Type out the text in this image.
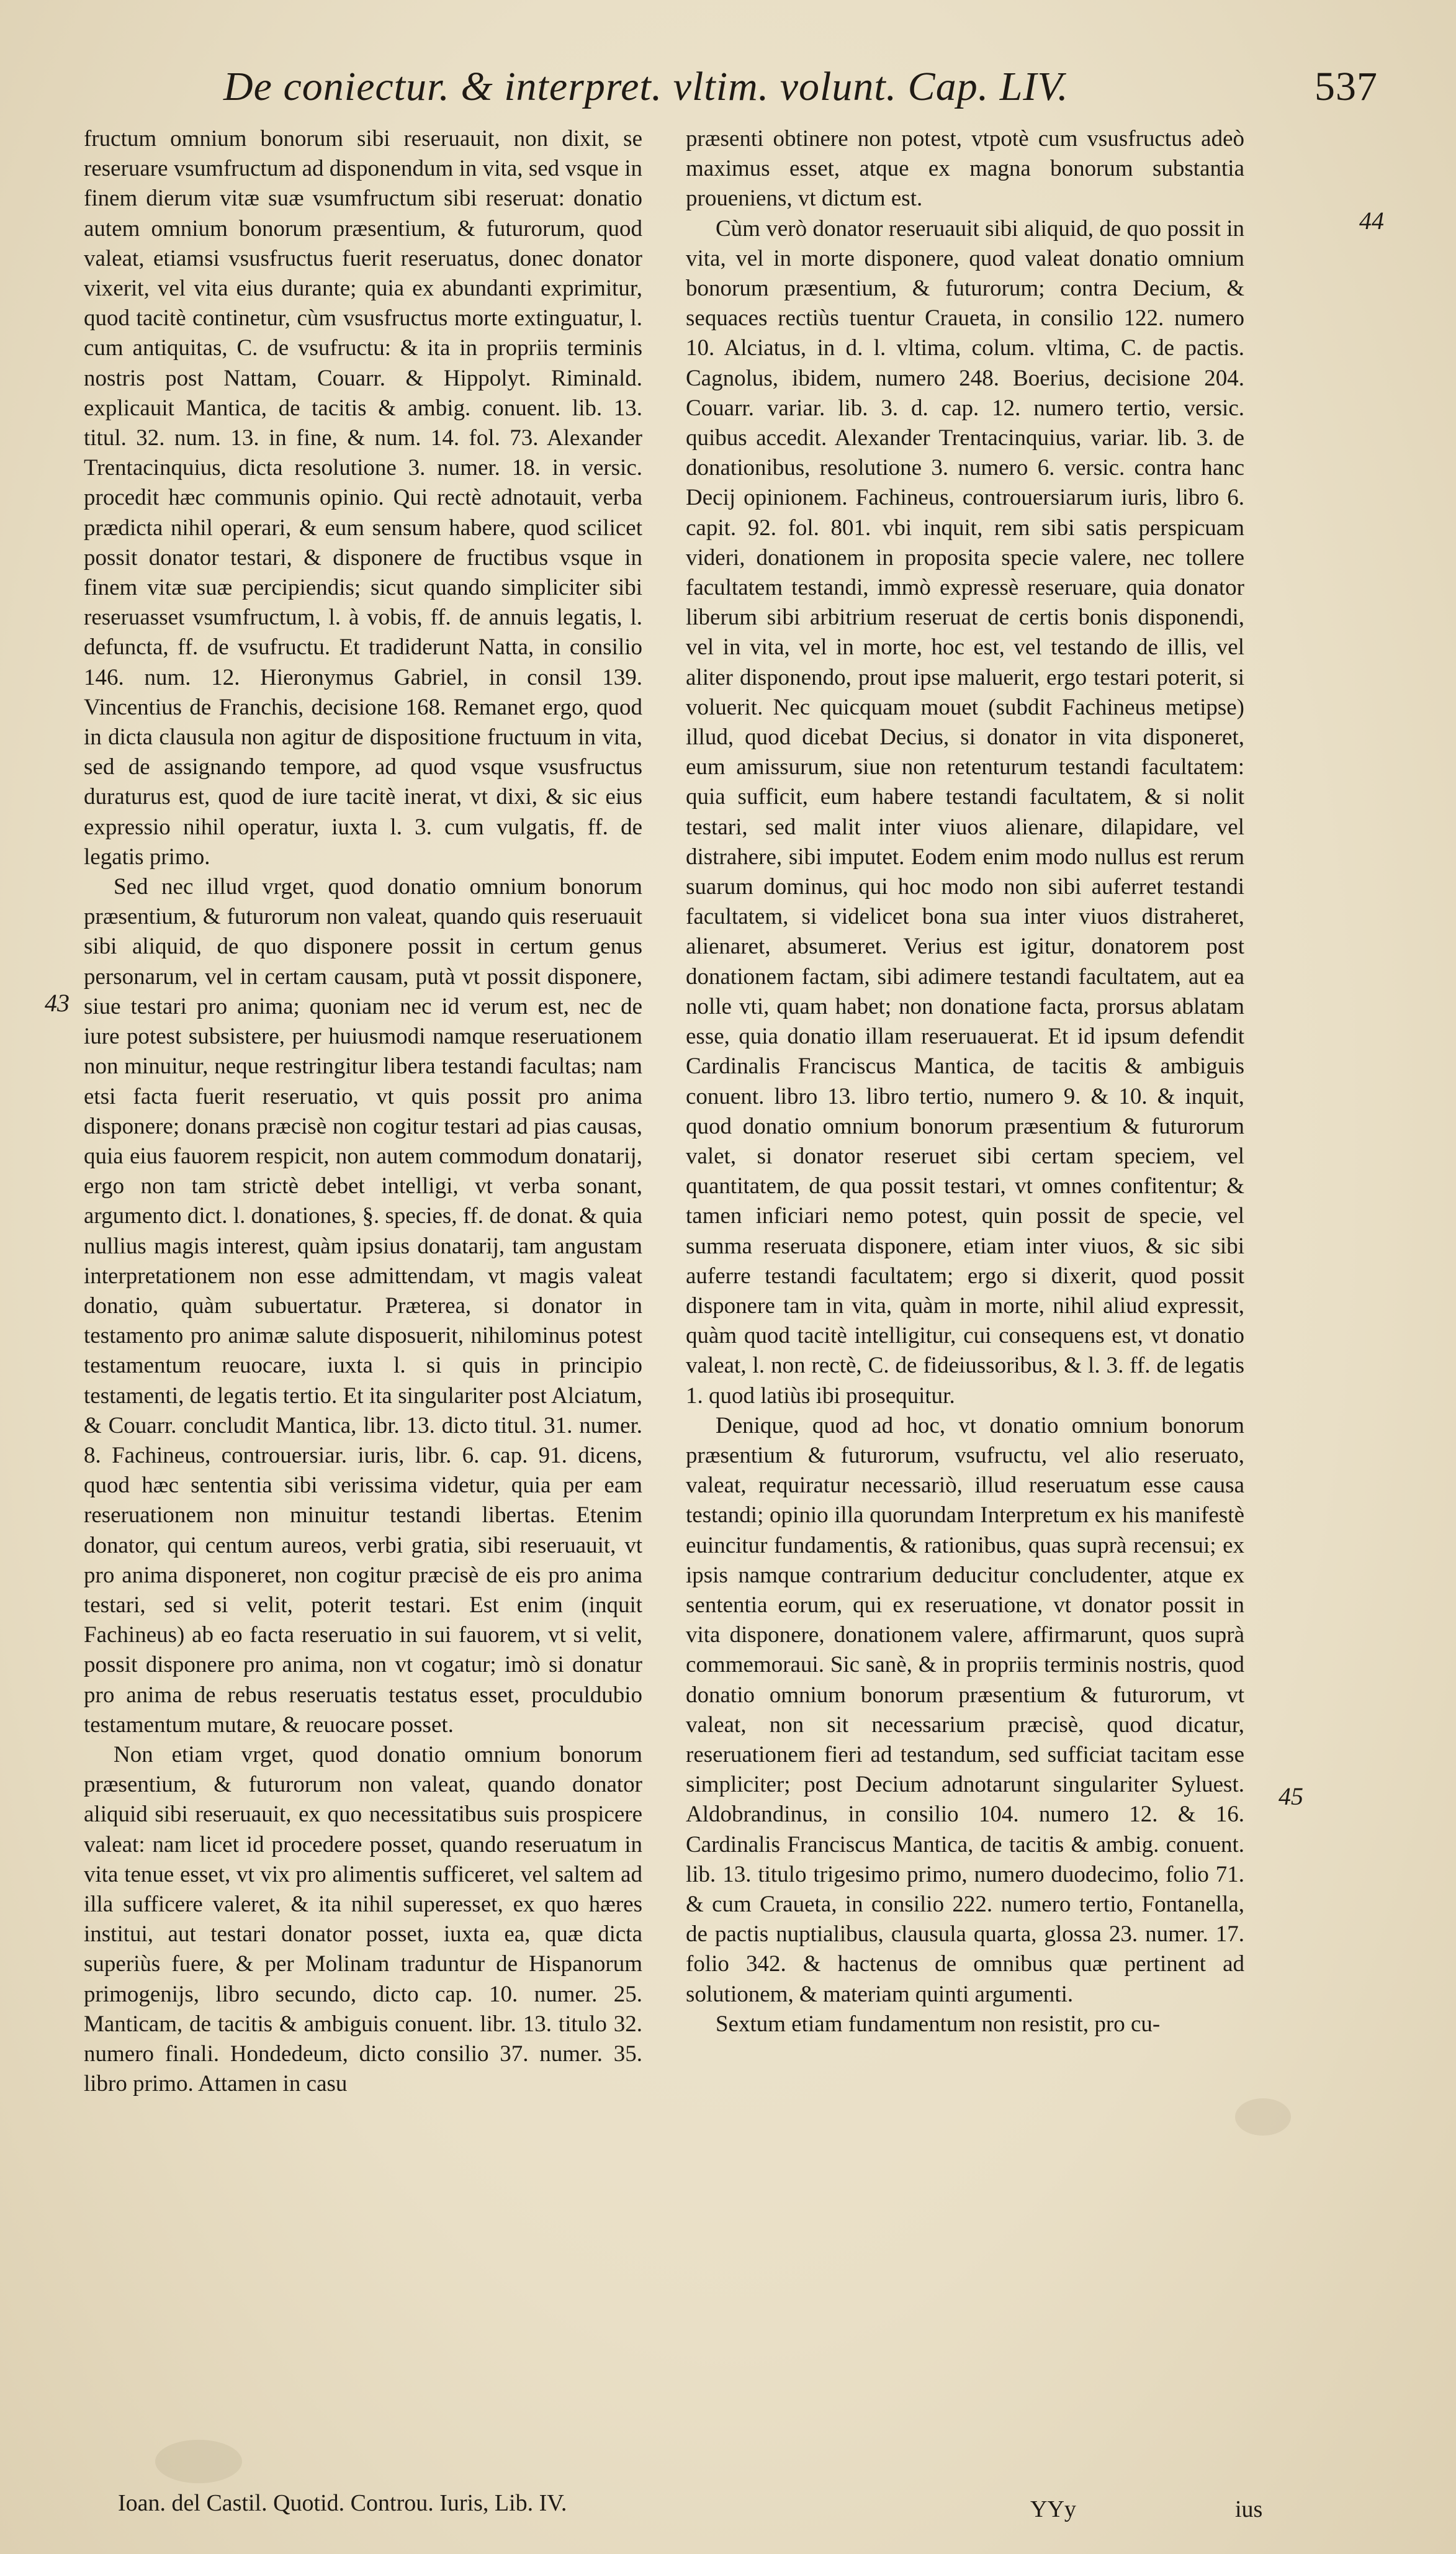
De coniectur. & interpret. vltim. volunt. Cap. LIV.	537

fructum omnium bonorum sibi reseruauit, non dixit, se reseruare vsumfructum ad disponendum in vita, sed vsque in finem dierum vitæ suæ vsumfructum sibi reseruat: donatio autem omnium bonorum præsentium, & futurorum, quod valeat, etiamsi vsusfructus fuerit reseruatus, donec donator vixerit, vel vita eius durante; quia ex abundanti exprimitur, quod tacitè continetur, cùm vsusfructus morte extinguatur, l. cum antiquitas, C. de vsufructu: & ita in propriis terminis nostris post Nattam, Couarr. & Hippolyt. Riminald. explicauit Mantica, de tacitis & ambig. conuent. lib. 13. titul. 32. num. 13. in fine, & num. 14. fol. 73. Alexander Trentacinquius, dicta resolutione 3. numer. 18. in versic. procedit hæc communis opinio. Qui rectè adnotauit, verba prædicta nihil operari, & eum sensum habere, quod scilicet possit donator testari, & disponere de fructibus vsque in finem vitæ suæ percipiendis; sicut quando simpliciter sibi reseruasset vsumfructum, l. à vobis, ff. de annuis legatis, l. defuncta, ff. de vsufructu. Et tradiderunt Natta, in consilio 146. num. 12. Hieronymus Gabriel, in consil 139. Vincentius de Franchis, decisione 168. Remanet ergo, quod in dicta clausula non agitur de dispositione fructuum in vita, sed de assignando tempore, ad quod vsque vsusfructus duraturus est, quod de iure tacitè inerat, vt dixi, & sic eius expressio nihil operatur, iuxta l. 3. cum vulgatis, ff. de legatis primo.

Sed nec illud vrget, quod donatio omnium bonorum præsentium, & futurorum non valeat, quando quis reseruauit sibi aliquid, de quo disponere possit in certum genus personarum, vel in certam causam, putà vt possit disponere, siue testari pro anima; quoniam nec id verum est, nec de iure potest subsistere, per huiusmodi namque reseruationem non minuitur, neque restringitur libera testandi facultas; nam etsi facta fuerit reseruatio, vt quis possit pro anima disponere; donans præcisè non cogitur testari ad pias causas, quia eius fauorem respicit, non autem commodum donatarij, ergo non tam strictè debet intelligi, vt verba sonant, argumento dict. l. donationes, §. species, ff. de donat. & quia nullius magis interest, quàm ipsius donatarij, tam angustam interpretationem non esse admittendam, vt magis valeat donatio, quàm subuertatur. Præterea, si donator in testamento pro animæ salute disposuerit, nihilominus potest testamentum reuocare, iuxta l. si quis in principio testamenti, de legatis tertio. Et ita singulariter post Alciatum, & Couarr. concludit Mantica, libr. 13. dicto titul. 31. numer. 8. Fachineus, controuersiar. iuris, libr. 6. cap. 91. dicens, quod hæc sententia sibi verissima videtur, quia per eam reseruationem non minuitur testandi libertas. Etenim donator, qui centum aureos, verbi gratia, sibi reseruauit, vt pro anima disponeret, non cogitur præcisè de eis pro anima testari, sed si velit, poterit testari. Est enim (inquit Fachineus) ab eo facta reseruatio in sui fauorem, vt si velit, possit disponere pro anima, non vt cogatur; imò si donatur pro anima de rebus reseruatis testatus esset, proculdubio testamentum mutare, & reuocare posset.

Non etiam vrget, quod donatio omnium bonorum præsentium, & futurorum non valeat, quando donator aliquid sibi reseruauit, ex quo necessitatibus suis prospicere valeat: nam licet id procedere posset, quando reseruatum in vita tenue esset, vt vix pro alimentis sufficeret, vel saltem ad illa sufficere valeret, & ita nihil superesset, ex quo hæres institui, aut testari donator posset, iuxta ea, quæ dicta superiùs fuere, & per Molinam traduntur de Hispanorum primogenijs, libro secundo, dicto cap. 10. numer. 25. Manticam, de tacitis & ambiguis conuent. libr. 13. titulo 32. numero finali. Hondedeum, dicto consilio 37. numer. 35. libro primo. Attamen in casu

præsenti obtinere non potest, vtpotè cum vsusfructus adeò maximus esset, atque ex magna bonorum substantia proueniens, vt dictum est.

Cùm verò donator reseruauit sibi aliquid, de quo possit in vita, vel in morte disponere, quod valeat donatio omnium bonorum præsentium, & futurorum; contra Decium, & sequaces rectiùs tuentur Craueta, in consilio 122. numero 10. Alciatus, in d. l. vltima, colum. vltima, C. de pactis. Cagnolus, ibidem, numero 248. Boerius, decisione 204. Couarr. variar. lib. 3. d. cap. 12. numero tertio, versic. quibus accedit. Alexander Trentacinquius, variar. lib. 3. de donationibus, resolutione 3. numero 6. versic. contra hanc Decij opinionem. Fachineus, controuersiarum iuris, libro 6. capit. 92. fol. 801. vbi inquit, rem sibi satis perspicuam videri, donationem in proposita specie valere, nec tollere facultatem testandi, immò expressè reseruare, quia donator liberum sibi arbitrium reseruat de certis bonis disponendi, vel in vita, vel in morte, hoc est, vel testando de illis, vel aliter disponendo, prout ipse maluerit, ergo testari poterit, si voluerit. Nec quicquam mouet (subdit Fachineus metipse) illud, quod dicebat Decius, si donator in vita disponeret, eum amissurum, siue non retenturum testandi facultatem: quia sufficit, eum habere testandi facultatem, & si nolit testari, sed malit inter viuos alienare, dilapidare, vel distrahere, sibi imputet. Eodem enim modo nullus est rerum suarum dominus, qui hoc modo non sibi auferret testandi facultatem, si videlicet bona sua inter viuos distraheret, alienaret, absumeret. Verius est igitur, donatorem post donationem factam, sibi adimere testandi facultatem, aut ea nolle vti, quam habet; non donatione facta, prorsus ablatam esse, quia donatio illam reseruauerat. Et id ipsum defendit Cardinalis Franciscus Mantica, de tacitis & ambiguis conuent. libro 13. libro tertio, numero 9. & 10. & inquit, quod donatio omnium bonorum præsentium & futurorum valet, si donator reseruet sibi certam speciem, vel quantitatem, de qua possit testari, vt omnes confitentur; & tamen inficiari nemo potest, quin possit de specie, vel summa reseruata disponere, etiam inter viuos, & sic sibi auferre testandi facultatem; ergo si dixerit, quod possit disponere tam in vita, quàm in morte, nihil aliud expressit, quàm quod tacitè intelligitur, cui consequens est, vt donatio valeat, l. non rectè, C. de fideiussoribus, & l. 3. ff. de legatis 1. quod latiùs ibi prosequitur.

Denique, quod ad hoc, vt donatio omnium bonorum præsentium & futurorum, vsufructu, vel alio reseruato, valeat, requiratur necessariò, illud reseruatum esse causa testandi; opinio illa quorundam Interpretum ex his manifestè euincitur fundamentis, & rationibus, quas suprà recensui; ex ipsis namque contrarium deducitur concludenter, atque ex sententia eorum, qui ex reseruatione, vt donator possit in vita disponere, donationem valere, affirmarunt, quos suprà commemoraui. Sic sanè, & in propriis terminis nostris, quod donatio omnium bonorum præsentium & futurorum, vt valeat, non sit necessarium præcisè, quod dicatur, reseruationem fieri ad testandum, sed sufficiat tacitam esse simpliciter; post Decium adnotarunt singulariter Syluest. Aldobrandinus, in consilio 104. numero 12. & 16. Cardinalis Franciscus Mantica, de tacitis & ambig. conuent. lib. 13. titulo trigesimo primo, numero duodecimo, folio 71. & cum Craueta, in consilio 222. numero tertio, Fontanella, de pactis nuptialibus, clausula quarta, glossa 23. numer. 17. folio 342. & hactenus de omnibus quæ pertinent ad solutionem, & materiam quinti argumenti.

Sextum etiam fundamentum non resistit, pro cu-

43
44
45
Ioan. del Castil. Quotid. Controu. Iuris, Lib. IV.	YYy	ius
